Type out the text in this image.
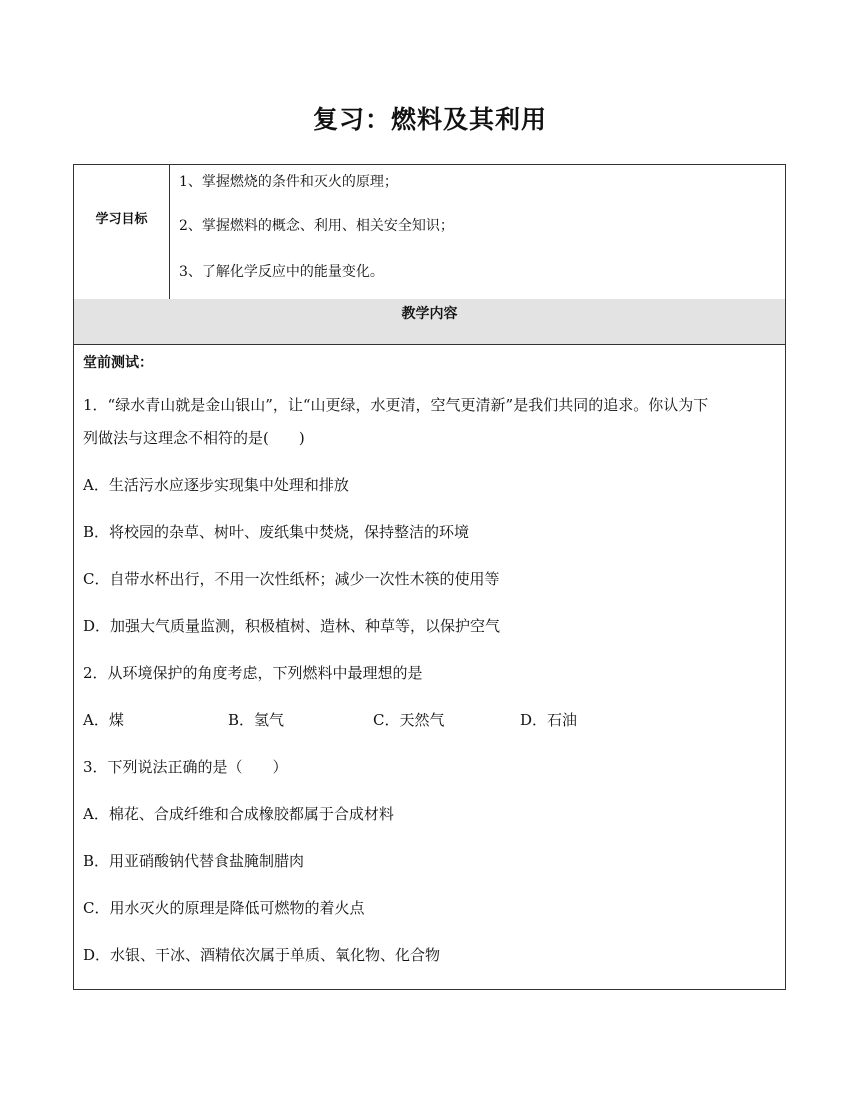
复习：燃料及其利用
学习目标
1、掌握燃烧的条件和灭火的原理；
2、掌握燃料的概念、利用、相关安全知识；
3、了解化学反应中的能量变化。
教学内容
堂前测试：
1．“绿水青山就是金山银山”，让“山更绿，水更清，空气更清新”是我们共同的追求。你认为下
列做法与这理念不相符的是(　　)
A．生活污水应逐步实现集中处理和排放
B．将校园的杂草、树叶、废纸集中焚烧，保持整洁的环境
C．自带水杯出行，不用一次性纸杯；减少一次性木筷的使用等
D．加强大气质量监测，积极植树、造林、种草等，以保护空气
2．从环境保护的角度考虑，下列燃料中最理想的是
A．煤	B．氢气	C．天然气	D．石油
3．下列说法正确的是（　　）
A．棉花、合成纤维和合成橡胶都属于合成材料
B．用亚硝酸钠代替食盐腌制腊肉
C．用水灭火的原理是降低可燃物的着火点
D．水银、干冰、酒精依次属于单质、氧化物、化合物
